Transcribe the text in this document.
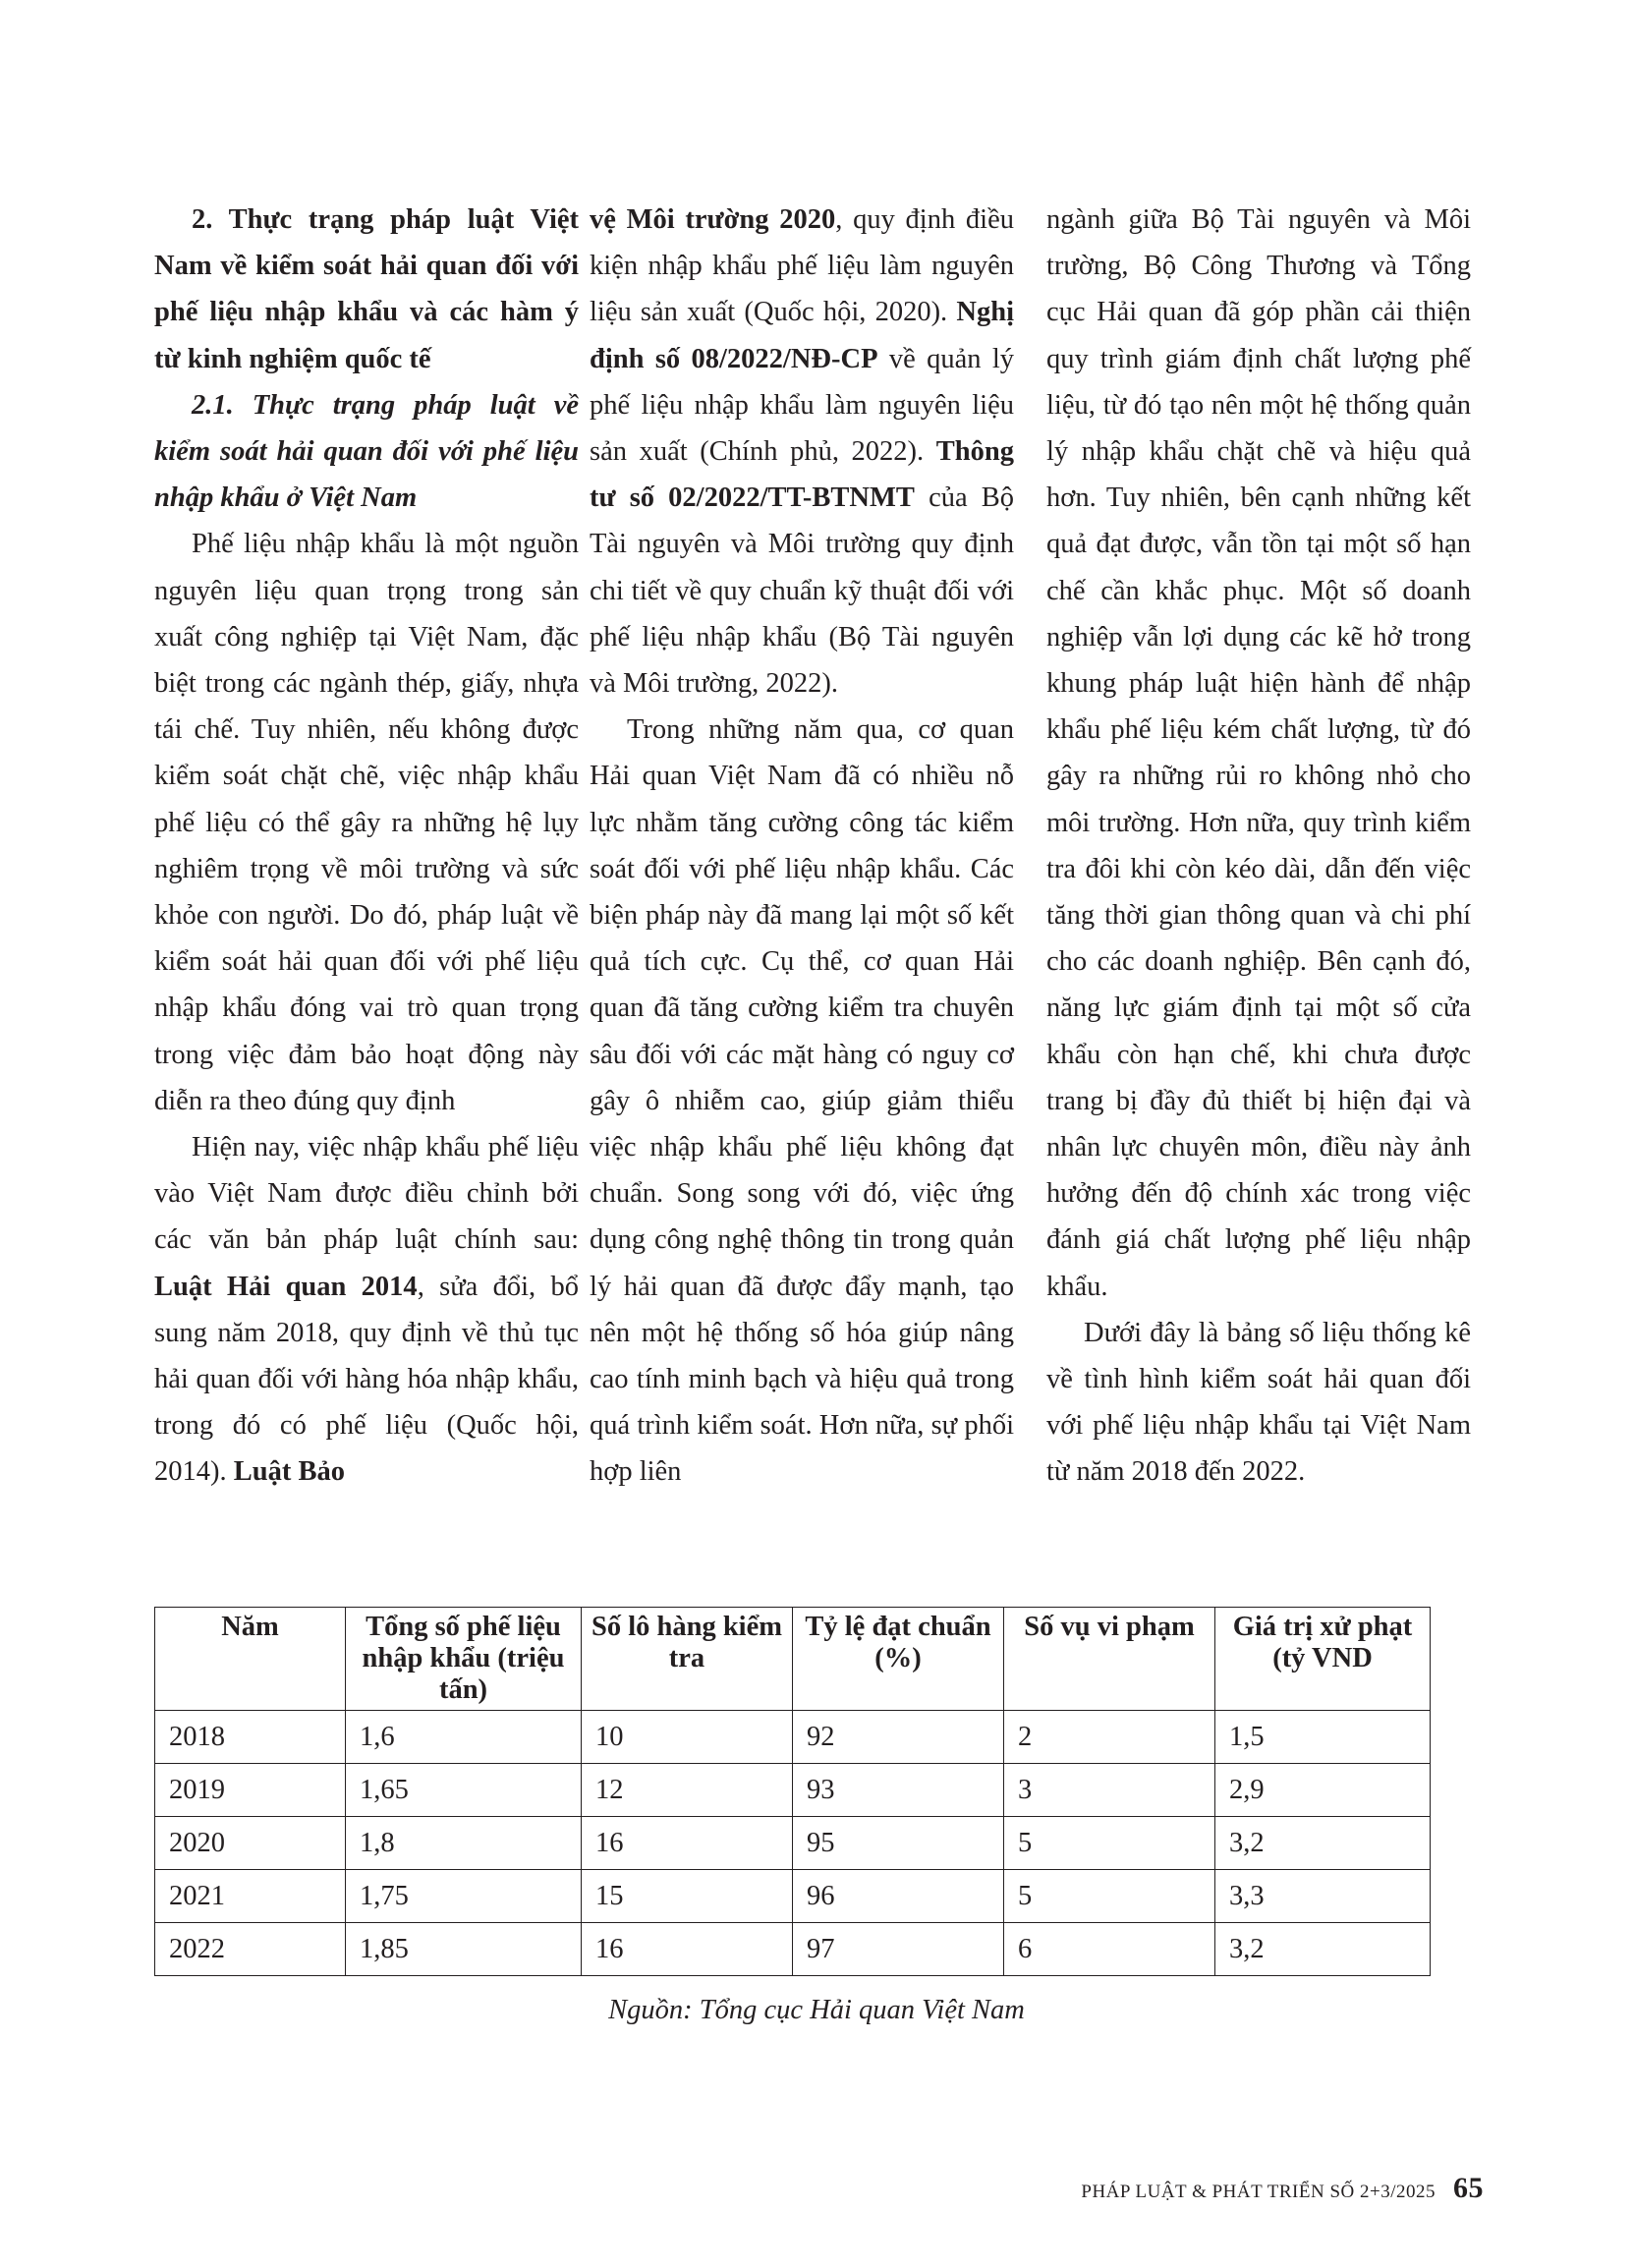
2. Thực trạng pháp luật Việt Nam về kiểm soát hải quan đối với phế liệu nhập khẩu và các hàm ý từ kinh nghiệm quốc tế

2.1. Thực trạng pháp luật về kiểm soát hải quan đối với phế liệu nhập khẩu ở Việt Nam

Phế liệu nhập khẩu là một nguồn nguyên liệu quan trọng trong sản xuất công nghiệp tại Việt Nam, đặc biệt trong các ngành thép, giấy, nhựa tái chế. Tuy nhiên, nếu không được kiểm soát chặt chẽ, việc nhập khẩu phế liệu có thể gây ra những hệ lụy nghiêm trọng về môi trường và sức khỏe con người. Do đó, pháp luật về kiểm soát hải quan đối với phế liệu nhập khẩu đóng vai trò quan trọng trong việc đảm bảo hoạt động này diễn ra theo đúng quy định

Hiện nay, việc nhập khẩu phế liệu vào Việt Nam được điều chỉnh bởi các văn bản pháp luật chính sau: Luật Hải quan 2014, sửa đổi, bổ sung năm 2018, quy định về thủ tục hải quan đối với hàng hóa nhập khẩu, trong đó có phế liệu (Quốc hội, 2014). Luật Bảo

vệ Môi trường 2020, quy định điều kiện nhập khẩu phế liệu làm nguyên liệu sản xuất (Quốc hội, 2020). Nghị định số 08/2022/NĐ-CP về quản lý phế liệu nhập khẩu làm nguyên liệu sản xuất (Chính phủ, 2022). Thông tư số 02/2022/TT-BTNMT của Bộ Tài nguyên và Môi trường quy định chi tiết về quy chuẩn kỹ thuật đối với phế liệu nhập khẩu (Bộ Tài nguyên và Môi trường, 2022).

Trong những năm qua, cơ quan Hải quan Việt Nam đã có nhiều nỗ lực nhằm tăng cường công tác kiểm soát đối với phế liệu nhập khẩu. Các biện pháp này đã mang lại một số kết quả tích cực. Cụ thể, cơ quan Hải quan đã tăng cường kiểm tra chuyên sâu đối với các mặt hàng có nguy cơ gây ô nhiễm cao, giúp giảm thiểu việc nhập khẩu phế liệu không đạt chuẩn. Song song với đó, việc ứng dụng công nghệ thông tin trong quản lý hải quan đã được đẩy mạnh, tạo nên một hệ thống số hóa giúp nâng cao tính minh bạch và hiệu quả trong quá trình kiểm soát. Hơn nữa, sự phối hợp liên

ngành giữa Bộ Tài nguyên và Môi trường, Bộ Công Thương và Tổng cục Hải quan đã góp phần cải thiện quy trình giám định chất lượng phế liệu, từ đó tạo nên một hệ thống quản lý nhập khẩu chặt chẽ và hiệu quả hơn. Tuy nhiên, bên cạnh những kết quả đạt được, vẫn tồn tại một số hạn chế cần khắc phục. Một số doanh nghiệp vẫn lợi dụng các kẽ hở trong khung pháp luật hiện hành để nhập khẩu phế liệu kém chất lượng, từ đó gây ra những rủi ro không nhỏ cho môi trường. Hơn nữa, quy trình kiểm tra đôi khi còn kéo dài, dẫn đến việc tăng thời gian thông quan và chi phí cho các doanh nghiệp. Bên cạnh đó, năng lực giám định tại một số cửa khẩu còn hạn chế, khi chưa được trang bị đầy đủ thiết bị hiện đại và nhân lực chuyên môn, điều này ảnh hưởng đến độ chính xác trong việc đánh giá chất lượng phế liệu nhập khẩu.

Dưới đây là bảng số liệu thống kê về tình hình kiểm soát hải quan đối với phế liệu nhập khẩu tại Việt Nam từ năm 2018 đến 2022.

Năm	Tổng số phế liệu nhập khẩu (triệu tấn)	Số lô hàng kiểm tra	Tỷ lệ đạt chuẩn (%)	Số vụ vi phạm	Giá trị xử phạt (tỷ VND
2018	1,6	10	92	2	1,5
2019	1,65	12	93	3	2,9
2020	1,8	16	95	5	3,2
2021	1,75	15	96	5	3,3
2022	1,85	16	97	6	3,2
Nguồn: Tổng cục Hải quan Việt Nam
PHÁP LUẬT & PHÁT TRIỂN SỐ 2+3/2025 65
